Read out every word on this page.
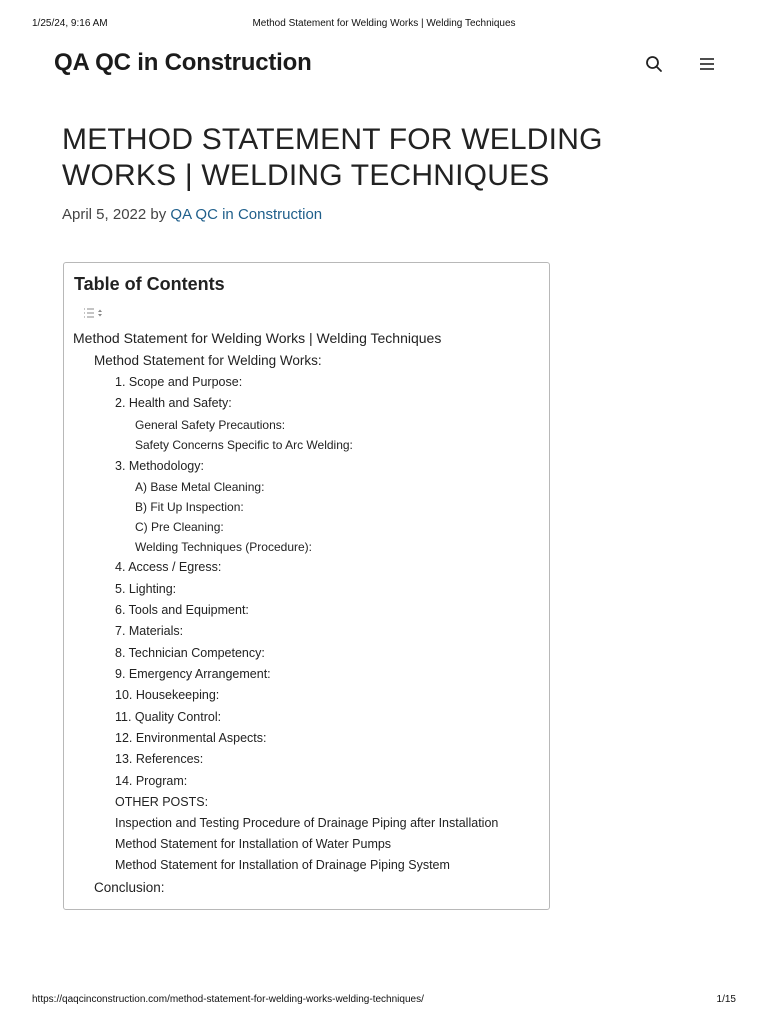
1/25/24, 9:16 AM	Method Statement for Welding Works | Welding Techniques
QA QC in Construction
METHOD STATEMENT FOR WELDING WORKS | WELDING TECHNIQUES
April 5, 2022 by QA QC in Construction
Table of Contents
Method Statement for Welding Works | Welding Techniques
Method Statement for Welding Works:
1. Scope and Purpose:
2. Health and Safety:
General Safety Precautions:
Safety Concerns Specific to Arc Welding:
3. Methodology:
A) Base Metal Cleaning:
B) Fit Up Inspection:
C) Pre Cleaning:
Welding Techniques (Procedure):
4. Access / Egress:
5. Lighting:
6. Tools and Equipment:
7. Materials:
8. Technician Competency:
9. Emergency Arrangement:
10. Housekeeping:
11. Quality Control:
12. Environmental Aspects:
13. References:
14. Program:
OTHER POSTS:
Inspection and Testing Procedure of Drainage Piping after Installation
Method Statement for Installation of Water Pumps
Method Statement for Installation of Drainage Piping System
Conclusion:
https://qaqcinconstruction.com/method-statement-for-welding-works-welding-techniques/	1/15
